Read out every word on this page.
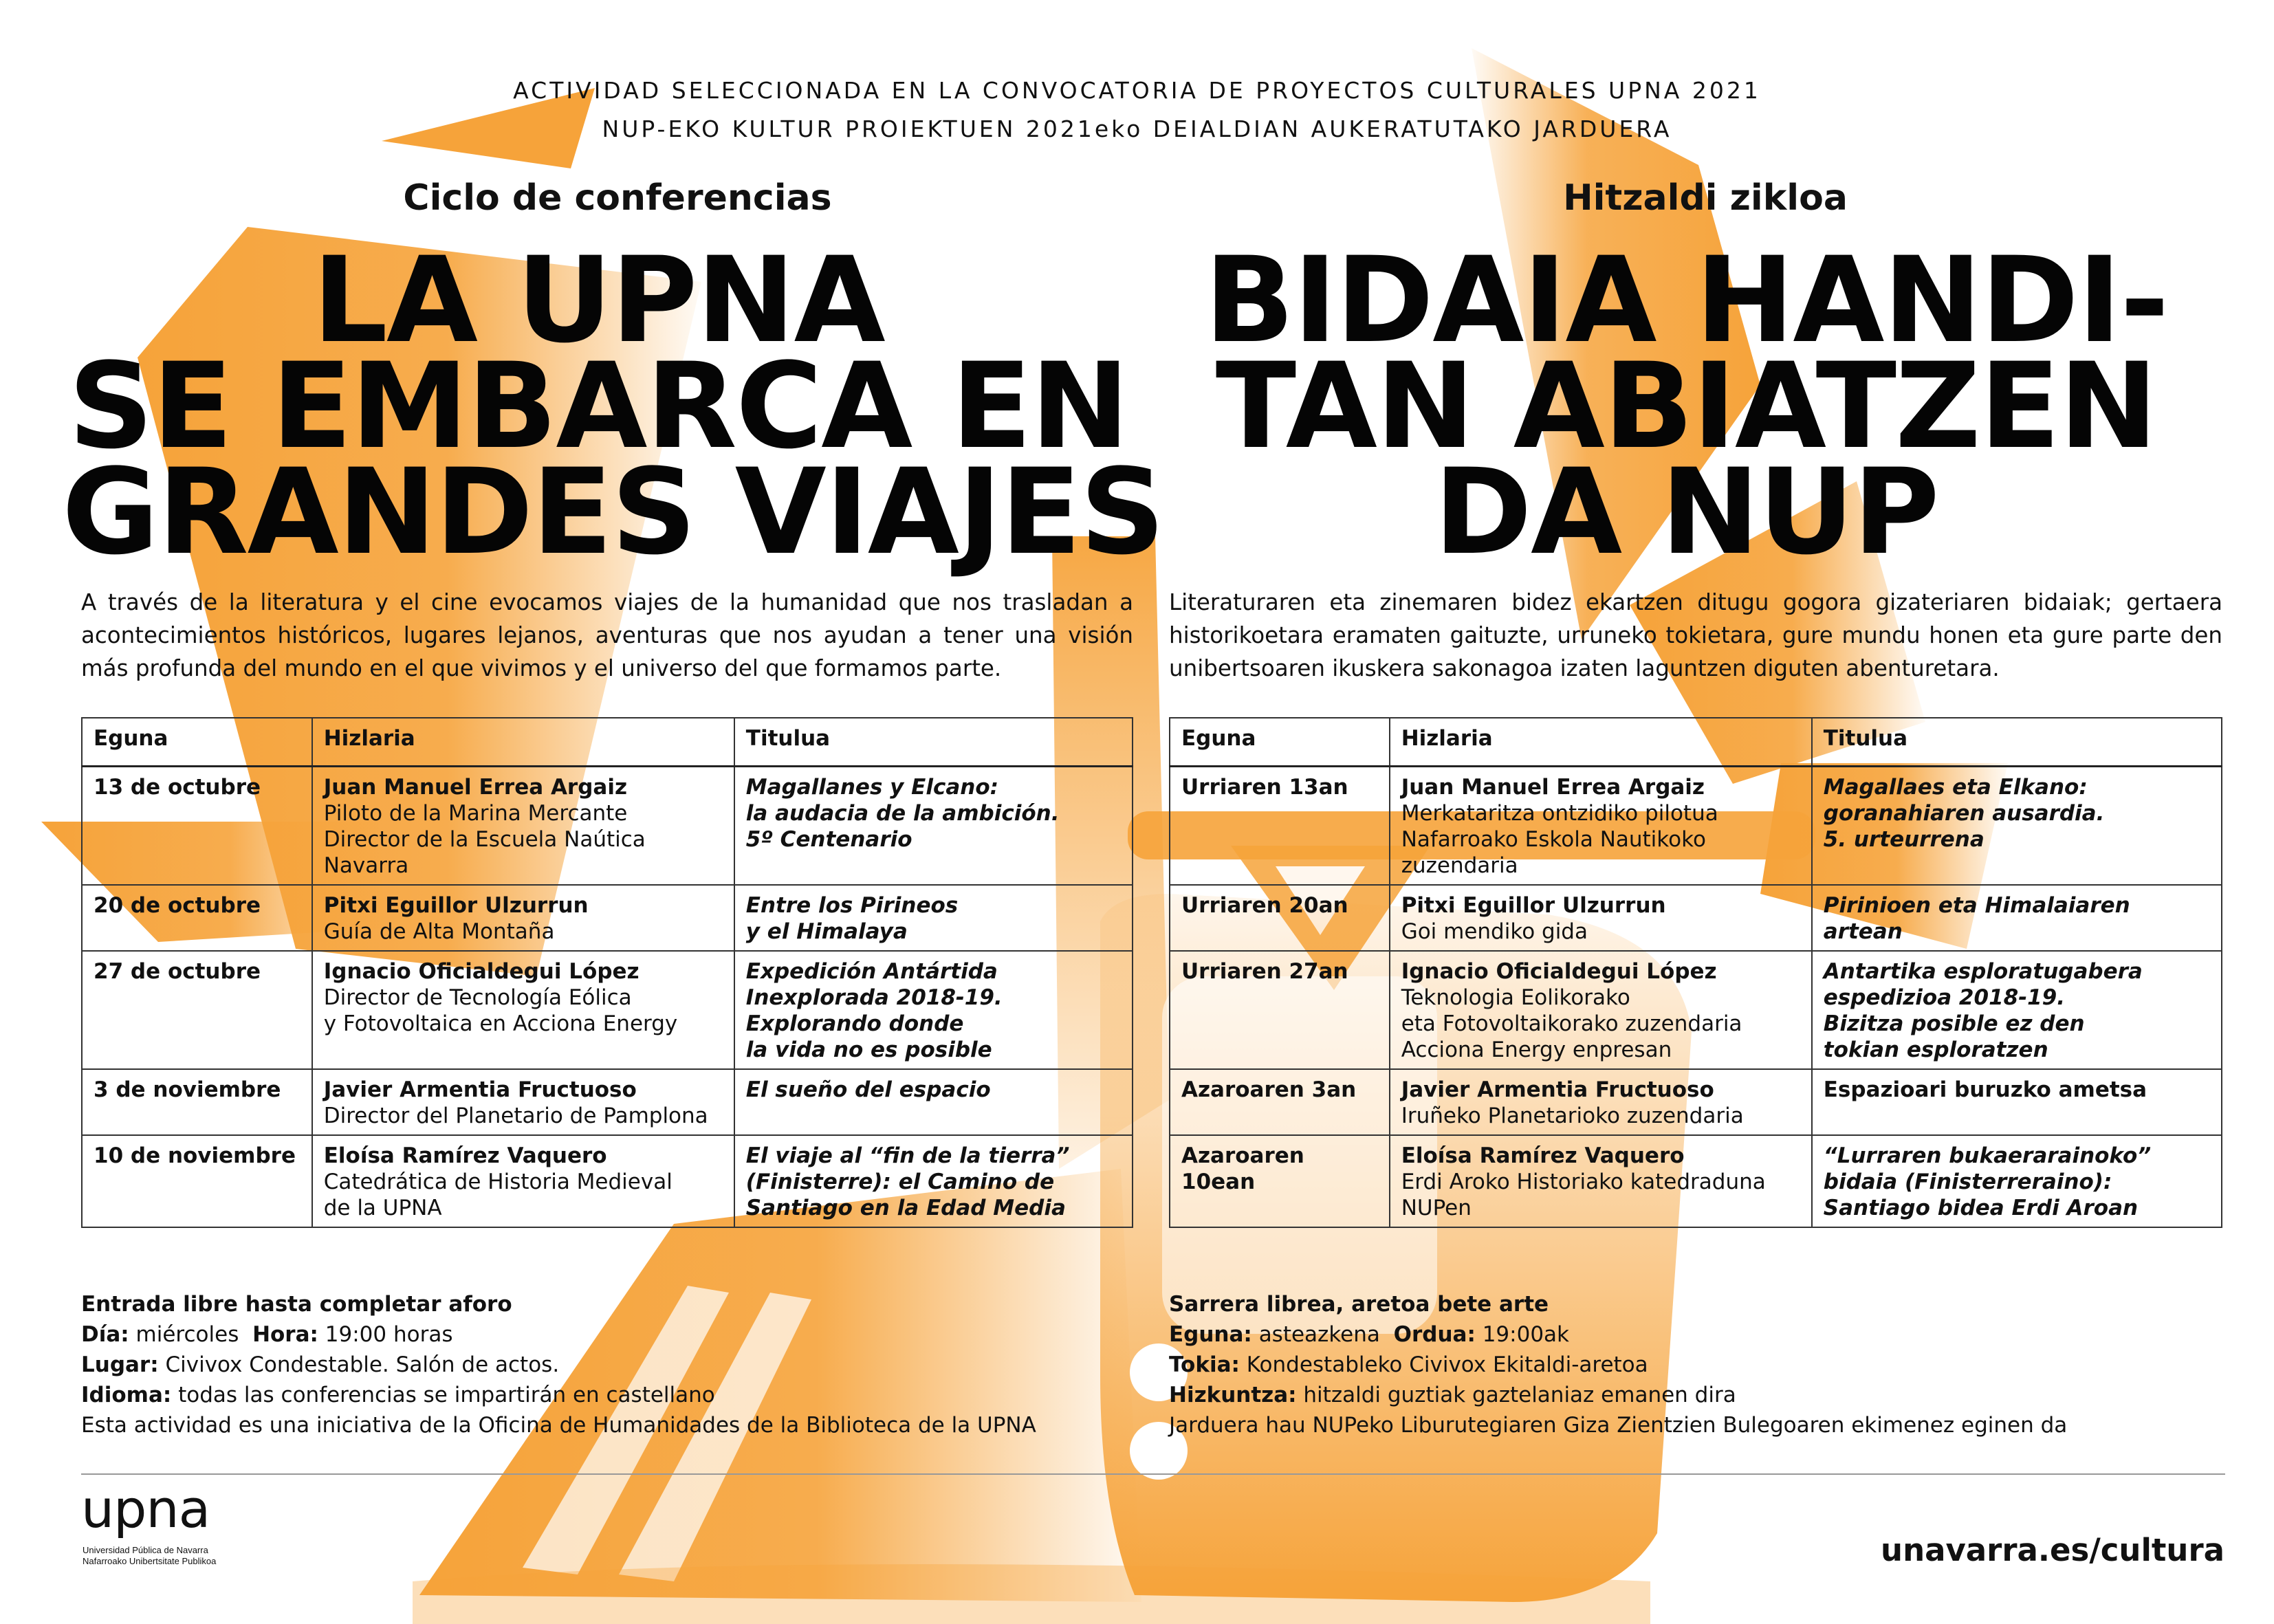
ACTIVIDAD SELECCIONADA EN LA CONVOCATORIA DE PROYECTOS CULTURALES UPNA 2021
NUP-EKO KULTUR PROIEKTUEN 2021eko DEIALDIAN AUKERATUTAKO JARDUERA
Ciclo de conferencias
LA UPNA
SE EMBARCA EN
GRANDES VIAJES
A través de la literatura y el cine evocamos viajes de la humanidad que nos trasladan a acontecimientos históricos, lugares lejanos, aventuras que nos ayudan a tener una visión más profunda del mundo en el que vivimos y el universo del que formamos parte.
Eguna	Hizlaria	Titulua

13 de octubre	Juan Manuel Errea Argaiz
Piloto de la Marina Mercante
Director de la Escuela Naútica
Navarra	Magallanes y Elcano:
la audacia de la ambición.
5º Centenario

20 de octubre	Pitxi Eguillor Ulzurrun
Guía de Alta Montaña	Entre los Pirineos
y el Himalaya

27 de octubre	Ignacio Oficialdegui López
Director de Tecnología Eólica
y Fotovoltaica en Acciona Energy	Expedición Antártida
Inexplorada 2018-19.
Explorando donde
la vida no es posible

3 de noviembre	Javier Armentia Fructuoso
Director del Planetario de Pamplona	El sueño del espacio

10 de noviembre	Eloísa Ramírez Vaquero
Catedrática de Historia Medieval
de la UPNA	El viaje al “fin de la tierra”
(Finisterre): el Camino de
Santiago en la Edad Media
Entrada libre hasta completar aforo
Día: miércoles Hora: 19:00 horas
Lugar: Civivox Condestable. Salón de actos.
Idioma: todas las conferencias se impartirán en castellano
Esta actividad es una iniciativa de la Oficina de Humanidades de la Biblioteca de la UPNA
Hitzaldi zikloa
BIDAIA HANDI-
TAN ABIATZEN
DA NUP
Literaturaren eta zinemaren bidez ekartzen ditugu gogora gizateriaren bidaiak; gertaera historikoetara eramaten gaituzte, urruneko tokietara, gure mundu honen eta gure parte den unibertsoaren ikuskera sakonagoa izaten laguntzen diguten abenturetara.
Eguna	Hizlaria	Titulua

Urriaren 13an	Juan Manuel Errea Argaiz
Merkataritza ontzidiko pilotua
Nafarroako Eskola Nautikoko
zuzendaria	Magallaes eta Elkano:
goranahiaren ausardia.
5. urteurrena

Urriaren 20an	Pitxi Eguillor Ulzurrun
Goi mendiko gida	Pirinioen eta Himalaiaren
artean

Urriaren 27an	Ignacio Oficialdegui López
Teknologia Eolikorako
eta Fotovoltaikorako zuzendaria
Acciona Energy enpresan	Antartika esploratugabera
espedizioa 2018-19.
Bizitza posible ez den
tokian esploratzen

Azaroaren 3an	Javier Armentia Fructuoso
Iruñeko Planetarioko zuzendaria	Espazioari buruzko ametsa

Azaroaren 10ean	Eloísa Ramírez Vaquero
Erdi Aroko Historiako katedraduna
NUPen	“Lurraren bukaerarainoko”
bidaia (Finisterreraino):
Santiago bidea Erdi Aroan
Sarrera librea, aretoa bete arte
Eguna: asteazkena Ordua: 19:00ak
Tokia: Kondestableko Civivox Ekitaldi-aretoa
Hizkuntza: hitzaldi guztiak gaztelaniaz emanen dira
Jarduera hau NUPeko Liburutegiaren Giza Zientzien Bulegoaren ekimenez eginen da
upna
Universidad Pública de Navarra
Nafarroako Unibertsitate Publikoa	unavarra.es/cultura
